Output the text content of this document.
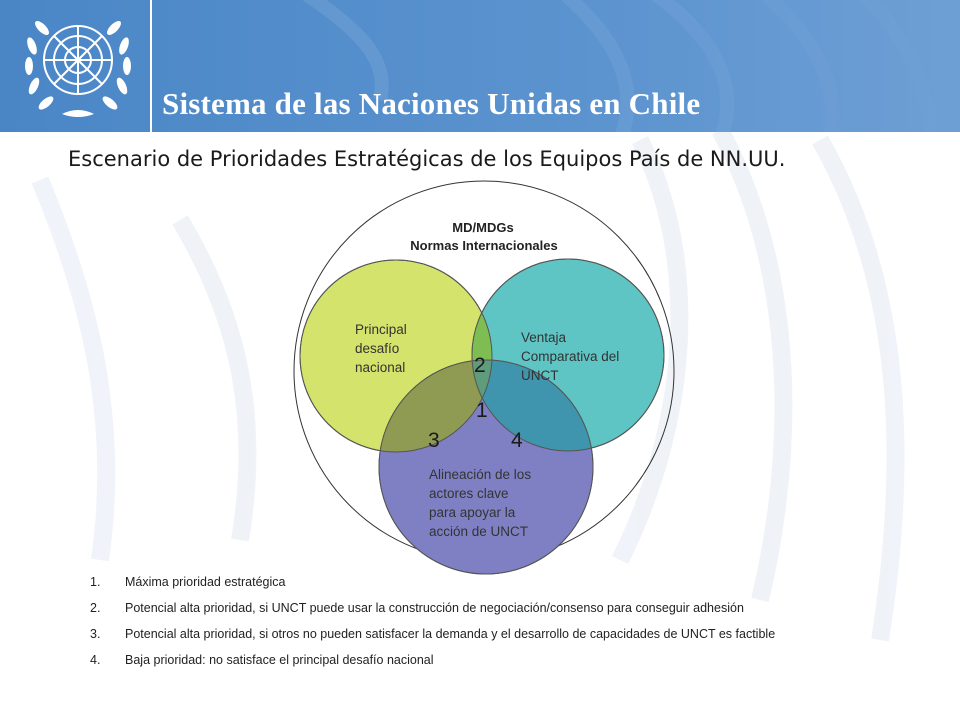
Sistema de las Naciones Unidas en Chile
Escenario de Prioridades Estratégicas de los Equipos País de NN.UU.
MD/MDGs
Normas Internacionales
Principal
desafío
nacional
Ventaja
Comparativa del
UNCT
Alineación de los
actores clave
para apoyar la
acción de UNCT
2
1
3	4
1. Máxima prioridad estratégica
2. Potencial alta prioridad, si UNCT puede usar la construcción de negociación/consenso para conseguir adhesión
3. Potencial alta prioridad, si otros no pueden satisfacer la demanda y el desarrollo de capacidades de UNCT es factible
4. Baja prioridad: no satisface el principal desafío nacional
